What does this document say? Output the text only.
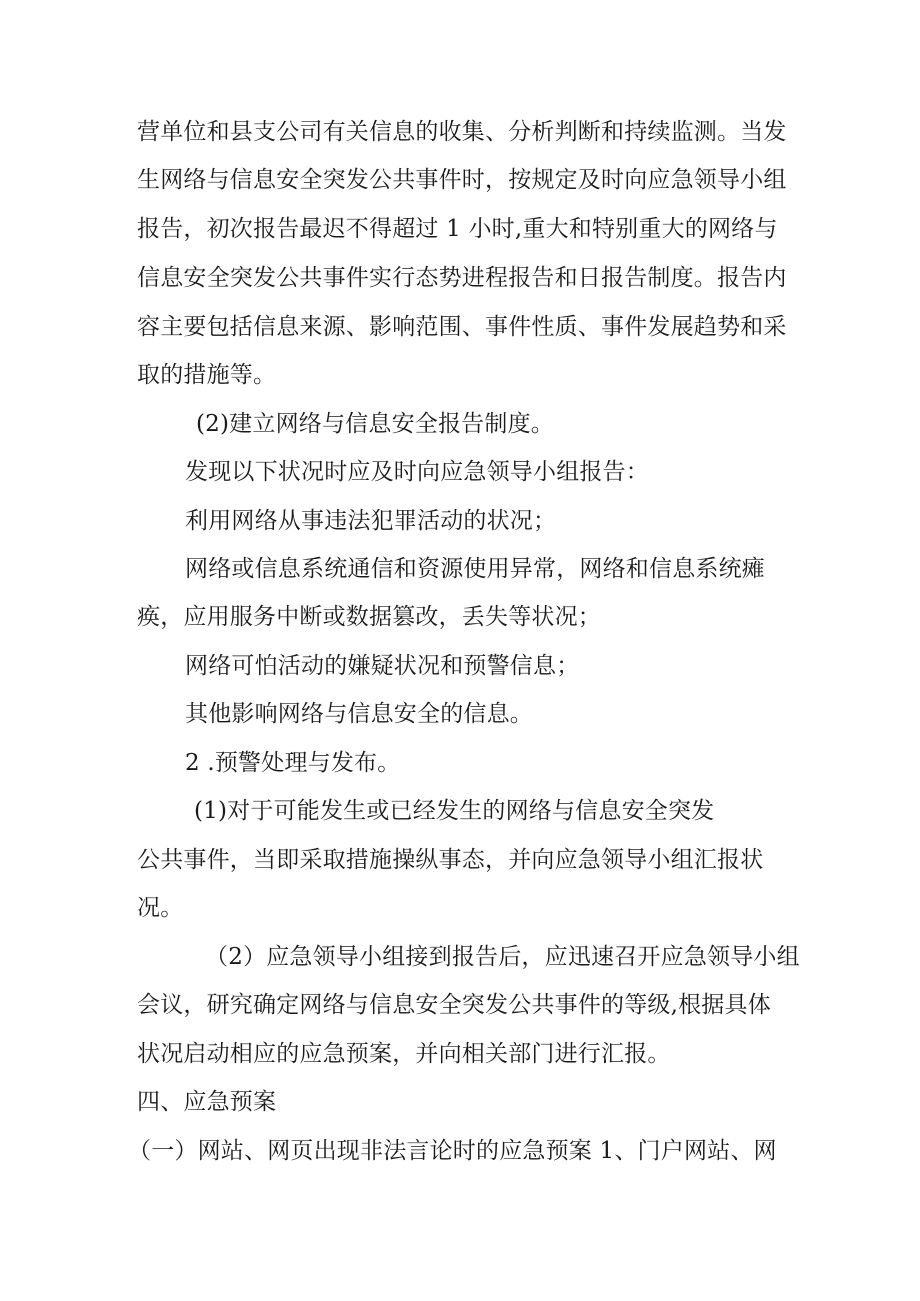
营单位和县支公司有关信息的收集、分析判断和持续监测。当发
生网络与信息安全突发公共事件时，按规定及时向应急领导小组
报告，初次报告最迟不得超过 1 小时,重大和特别重大的网络与
信息安全突发公共事件实行态势进程报告和日报告制度。报告内
容主要包括信息来源、影响范围、事件性质、事件发展趋势和采
取的措施等。
(2)建立网络与信息安全报告制度。
发现以下状况时应及时向应急领导小组报告：
利用网络从事违法犯罪活动的状况；
网络或信息系统通信和资源使用异常，网络和信息系统瘫
痪，应用服务中断或数据篡改，丢失等状况；
网络可怕活动的嫌疑状况和预警信息；
其他影响网络与信息安全的信息。
2 .预警处理与发布。
(1)对于可能发生或已经发生的网络与信息安全突发
公共事件，当即采取措施操纵事态，并向应急领导小组汇报状
况。
（2）应急领导小组接到报告后，应迅速召开应急领导小组
会议，研究确定网络与信息安全突发公共事件的等级,根据具体
状况启动相应的应急预案，并向相关部门进行汇报。
四、应急预案
（一）网站、网页出现非法言论时的应急预案 1、门户网站、网
